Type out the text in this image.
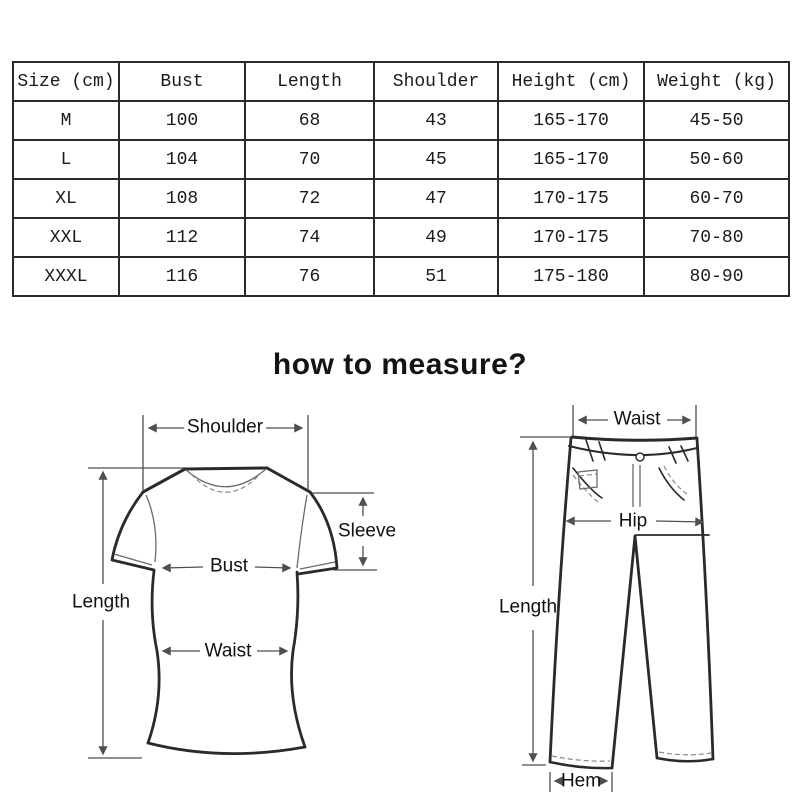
Size (cm)	Bust	Length	Shoulder	Height (cm)	Weight (kg)
M	100	68	43	165-170	45-50
L	104	70	45	165-170	50-60
XL	108	72	47	170-175	60-70
XXL	112	74	49	170-175	70-80
XXXL	116	76	51	175-180	80-90
how to measure?
Shoulder
Length
Sleeve
Bust
Waist
Waist
Hip
Length
Hem
